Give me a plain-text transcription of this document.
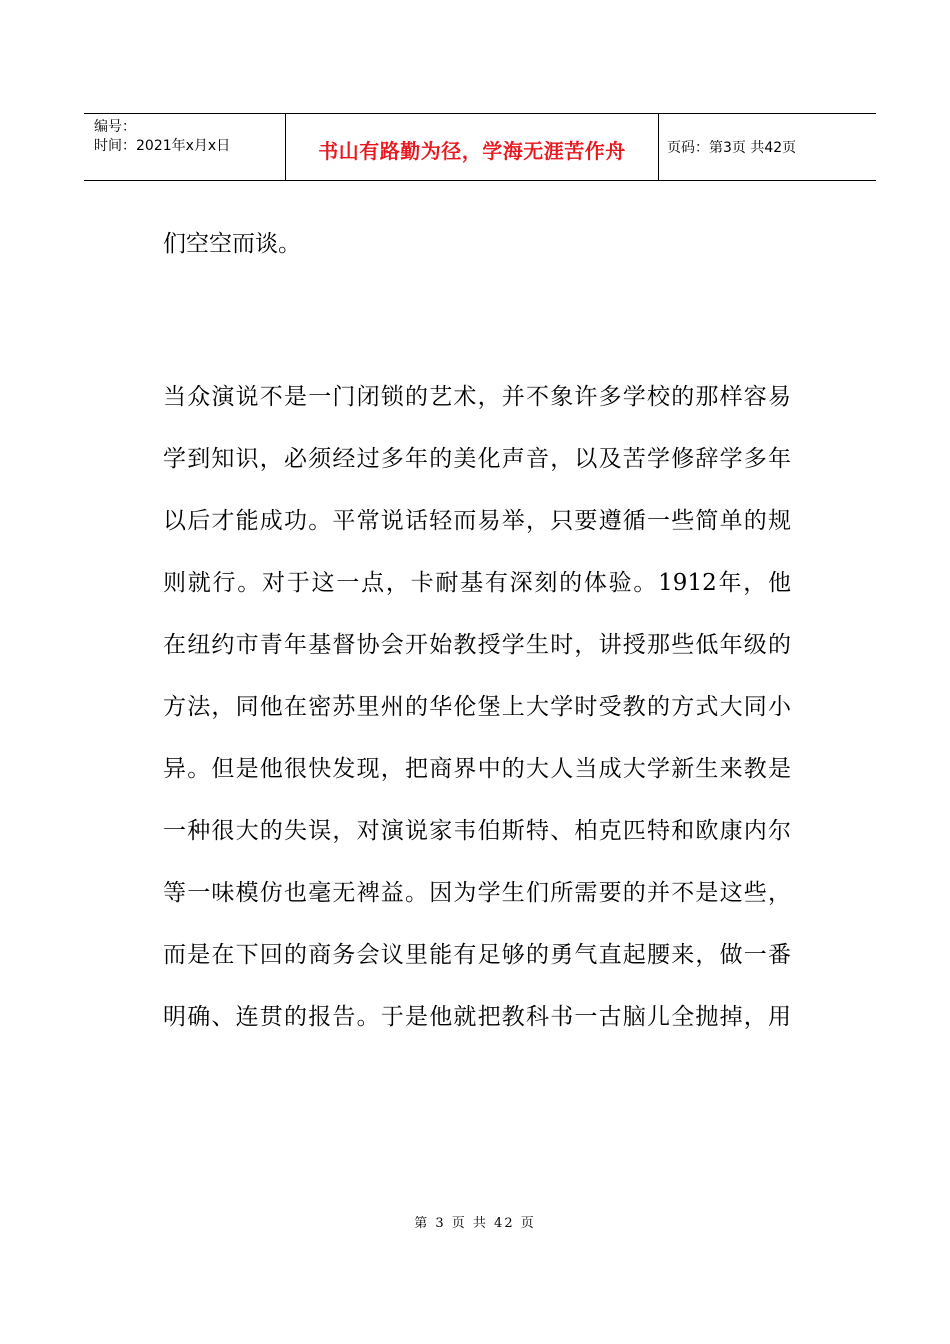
编号：
时间：2021年x月x日	书山有路勤为径，学海无涯苦作舟	页码：第3页 共42页
们空空而谈。
当众演说不是一门闭锁的艺术，并不象许多学校的那样容易
学到知识，必须经过多年的美化声音，以及苦学修辞学多年
以后才能成功。平常说话轻而易举，只要遵循一些简单的规
则就行。对于这一点，卡耐基有深刻的体验。1912年，他
在纽约市青年基督协会开始教授学生时，讲授那些低年级的
方法，同他在密苏里州的华伦堡上大学时受教的方式大同小
异。但是他很快发现，把商界中的大人当成大学新生来教是
一种很大的失误，对演说家韦伯斯特、柏克匹特和欧康内尔
等一味模仿也毫无裨益。因为学生们所需要的并不是这些，
而是在下回的商务会议里能有足够的勇气直起腰来，做一番
明确、连贯的报告。于是他就把教科书一古脑儿全抛掉，用
第 3 页 共 42 页
